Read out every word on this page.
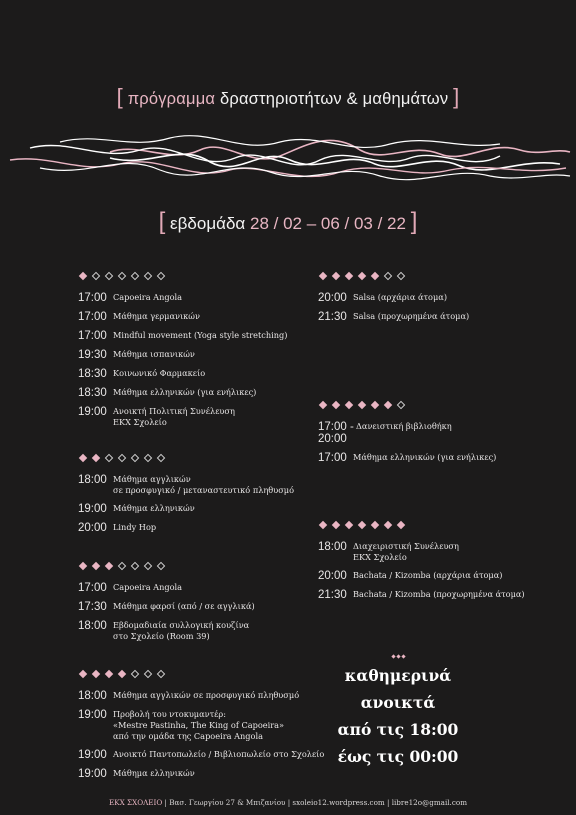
[ πρόγραμμα δραστηριοτήτων & μαθημάτων ]
[ εβδομάδα 28 / 02 – 06 / 03 / 22 ]
17:00 Capoeira Angola
17:00 Μάθημα γερμανικών
17:00 Mindful movement (Yoga style stretching)
19:30 Μάθημα ισπανικών
18:30 Κοινωνικό Φαρμακείο
18:30 Μάθημα ελληνικών (για ενήλικες)
19:00 Ανοικτή Πολιτική Συνέλευση
ΕΚΧ Σχολείο
18:00 Μάθημα αγγλικών
σε προσφυγικό / μεταναστευτικό πληθυσμό
19:00 Μάθημα ελληνικών
20:00 Lindy Hop
17:00 Capoeira Angola
17:30 Μάθημα φαρσί (από / σε αγγλικά)
18:00 Εβδομαδιαία συλλογική κουζίνα
στο Σχολείο (Room 39)
18:00 Μάθημα αγγλικών σε προσφυγικό πληθυσμό
19:00 Προβολή του ντοκυμαντέρ:
«Mestre Pastinha, The King of Capoeira»
από την ομάδα της Capoeira Angola
19:00 Ανοικτό Παντοπωλείο / Βιβλιοπωλείο στο Σχολείο
19:00 Μάθημα ελληνικών
20:00 Salsa (αρχάρια άτομα)
21:30 Salsa (προχωρημένα άτομα)
17:00 - 20:00
Δανειστική βιβλιοθήκη
17:00 Μάθημα ελληνικών (για ενήλικες)
18:00 Διαχειριστική Συνέλευση
ΕΚΧ Σχολείο
20:00 Bachata / Kizomba (αρχάρια άτομα)
21:30 Bachata / Kizomba (προχωρημένα άτομα)
καθημερινά
ανοικτά
από τις 18:00
έως τις 00:00
ΕΚΧ ΣΧΟΛΕΙΟ | Βασ. Γεωργίου 27 & Μπιζανίου | sxoleio12.wordpress.com | libre12o@gmail.com
